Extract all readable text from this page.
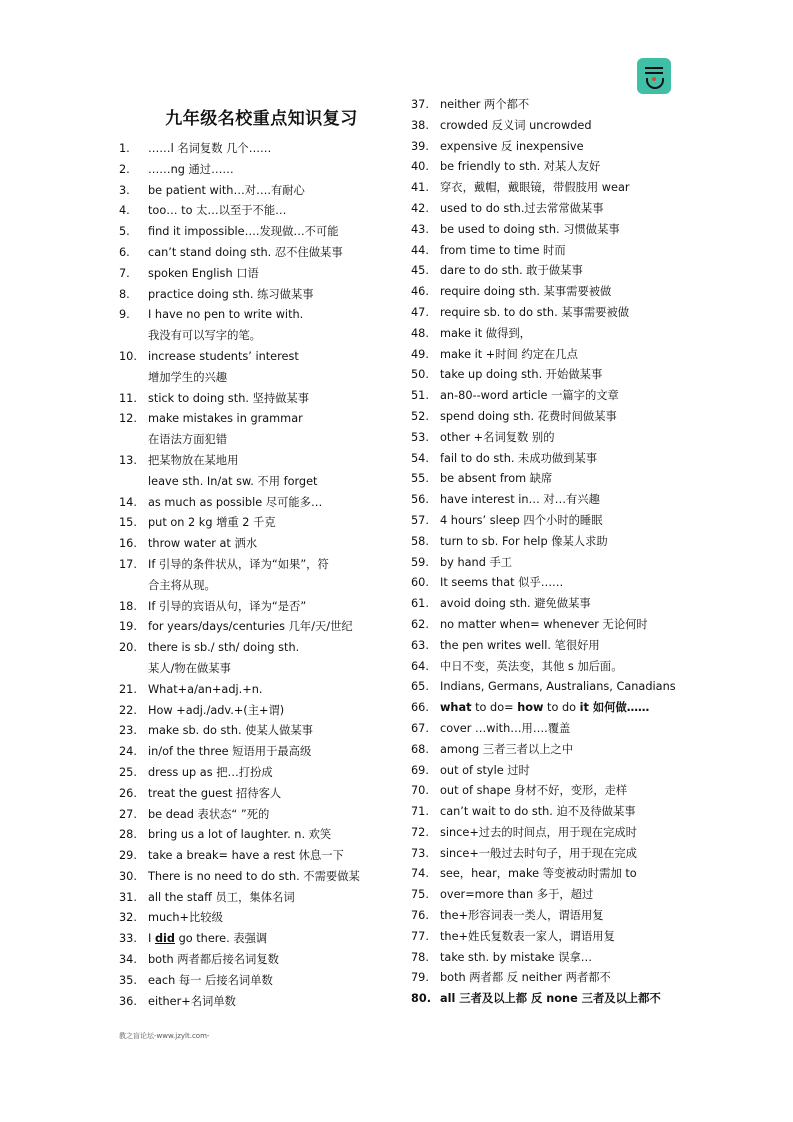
九年级名校重点知识复习
1. ……l 名词复数 几个……
2. ……ng 通过……
3. be patient with…对….有耐心
4. too… to 太…以至于不能…
5. find it impossible….发现做…不可能
6. can’t stand doing sth. 忍不住做某事
7. spoken English 口语
8. practice doing sth. 练习做某事
9. I have no pen to write with.
我没有可以写字的笔。
10. increase students’ interest
增加学生的兴趣
11. stick to doing sth. 坚持做某事
12. make mistakes in grammar
在语法方面犯错
13. 把某物放在某地用
leave sth. In/at sw. 不用 forget
14. as much as possible 尽可能多…
15. put on 2 kg 增重 2 千克
16. throw water at 洒水
17. If 引导的条件状从，译为“如果”，符
合主将从现。
18. If 引导的宾语从句，译为“是否”
19. for years/days/centuries 几年/天/世纪
20. there is sb./ sth/ doing sth.
某人/物在做某事
21. What+a/an+adj.+n.
22. How +adj./adv.+(主+谓)
23. make sb. do sth. 使某人做某事
24. in/of the three 短语用于最高级
25. dress up as 把…打扮成
26. treat the guest 招待客人
27. be dead 表状态“ ”死的
28. bring us a lot of laughter. n. 欢笑
29. take a break= have a rest 休息一下
30. There is no need to do sth. 不需要做某
31. all the staff 员工，集体名词
32. much+比较级
33. I did go there. 表强调
34. both 两者都后接名词复数
35. each 每一 后接名词单数
36. either+名词单数
37. neither 两个都不
38. crowded 反义词 uncrowded
39. expensive 反 inexpensive
40. be friendly to sth. 对某人友好
41. 穿衣，戴帽，戴眼镜，带假肢用 wear
42. used to do sth.过去常常做某事
43. be used to doing sth. 习惯做某事
44. from time to time 时而
45. dare to do sth. 敢于做某事
46. require doing sth. 某事需要被做
47. require sb. to do sth. 某事需要被做
48. make it 做得到，
49. make it +时间 约定在几点
50. take up doing sth. 开始做某事
51. an-80--word article 一篇字的文章
52. spend doing sth. 花费时间做某事
53. other +名词复数 别的
54. fail to do sth. 未成功做到某事
55. be absent from 缺席
56. have interest in… 对…有兴趣
57. 4 hours’ sleep 四个小时的睡眠
58. turn to sb. For help 像某人求助
59. by hand 手工
60. It seems that 似乎……
61. avoid doing sth. 避免做某事
62. no matter when= whenever 无论何时
63. the pen writes well. 笔很好用
64. 中日不变，英法变，其他 s 加后面。
65. Indians, Germans, Australians, Canadians
66. what to do= how to do it 如何做……
67. cover …with…用….覆盖
68. among 三者三者以上之中
69. out of style 过时
70. out of shape 身材不好，变形，走样
71. can’t wait to do sth. 迫不及待做某事
72. since+过去的时间点，用于现在完成时
73. since+一般过去时句子，用于现在完成
74. see，hear，make 等变被动时需加 to
75. over=more than 多于，超过
76. the+形容词表一类人，谓语用复
77. the+姓氏复数表一家人，谓语用复
78. take sth. by mistake 误拿…
79. both 两者都 反 neither 两者都不
80. all 三者及以上都 反 none 三者及以上都不
教之盲论坛-www.jzylt.com-
